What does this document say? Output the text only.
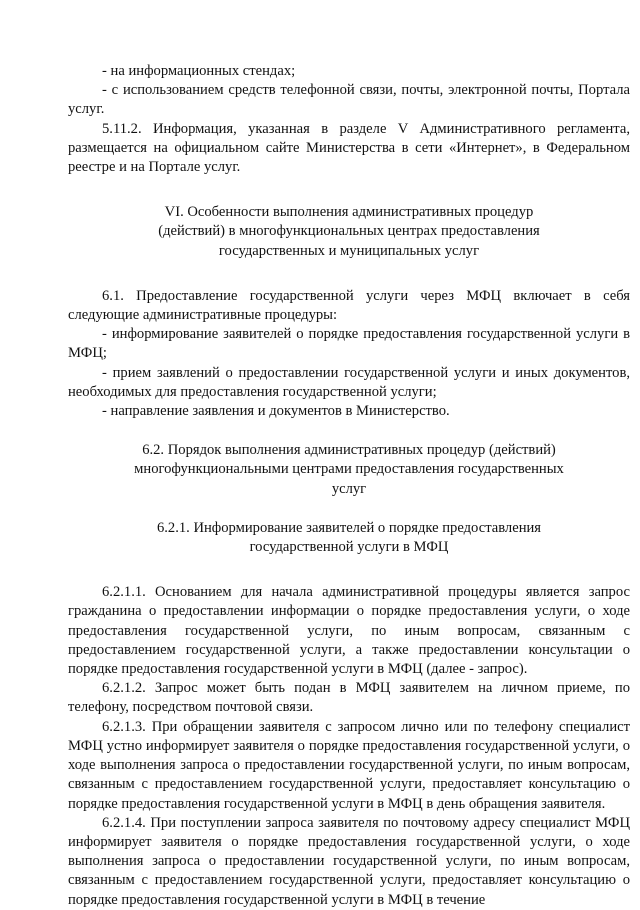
- на информационных стендах;

- с использованием средств телефонной связи, почты, электронной почты, Портала услуг.

5.11.2. Информация, указанная в разделе V Административного регламента, размещается на официальном сайте Министерства в сети «Интернет», в Федеральном реестре и на Портале услуг.

VI. Особенности выполнения административных процедур

(действий) в многофункциональных центрах предоставления

государственных и муниципальных услуг

6.1. Предоставление государственной услуги через МФЦ включает в себя следующие административные процедуры:

- информирование заявителей о порядке предоставления государственной услуги в МФЦ;

- прием заявлений о предоставлении государственной услуги и иных документов, необходимых для предоставления государственной услуги;

- направление заявления и документов в Министерство.

6.2. Порядок выполнения административных процедур (действий)

многофункциональными центрами предоставления государственных

услуг

6.2.1. Информирование заявителей о порядке предоставления

государственной услуги в МФЦ

6.2.1.1. Основанием для начала административной процедуры является запрос гражданина о предоставлении информации о порядке предоставления услуги, о ходе предоставления государственной услуги, по иным вопросам, связанным с предоставлением государственной услуги, а также предоставлении консультации о порядке предоставления государственной услуги в МФЦ (далее - запрос).

6.2.1.2. Запрос может быть подан в МФЦ заявителем на личном приеме, по телефону, посредством почтовой связи.

6.2.1.3. При обращении заявителя с запросом лично или по телефону специалист МФЦ устно информирует заявителя о порядке предоставления государственной услуги, о ходе выполнения запроса о предоставлении государственной услуги, по иным вопросам, связанным с предоставлением государственной услуги, предоставляет консультацию о порядке предоставления государственной услуги в МФЦ в день обращения заявителя.

6.2.1.4. При поступлении запроса заявителя по почтовому адресу специалист МФЦ информирует заявителя о порядке предоставления государственной услуги, о ходе выполнения запроса о предоставлении государственной услуги, по иным вопросам, связанным с предоставлением государственной услуги, предоставляет консультацию о порядке предоставления государственной услуги в МФЦ в течение
